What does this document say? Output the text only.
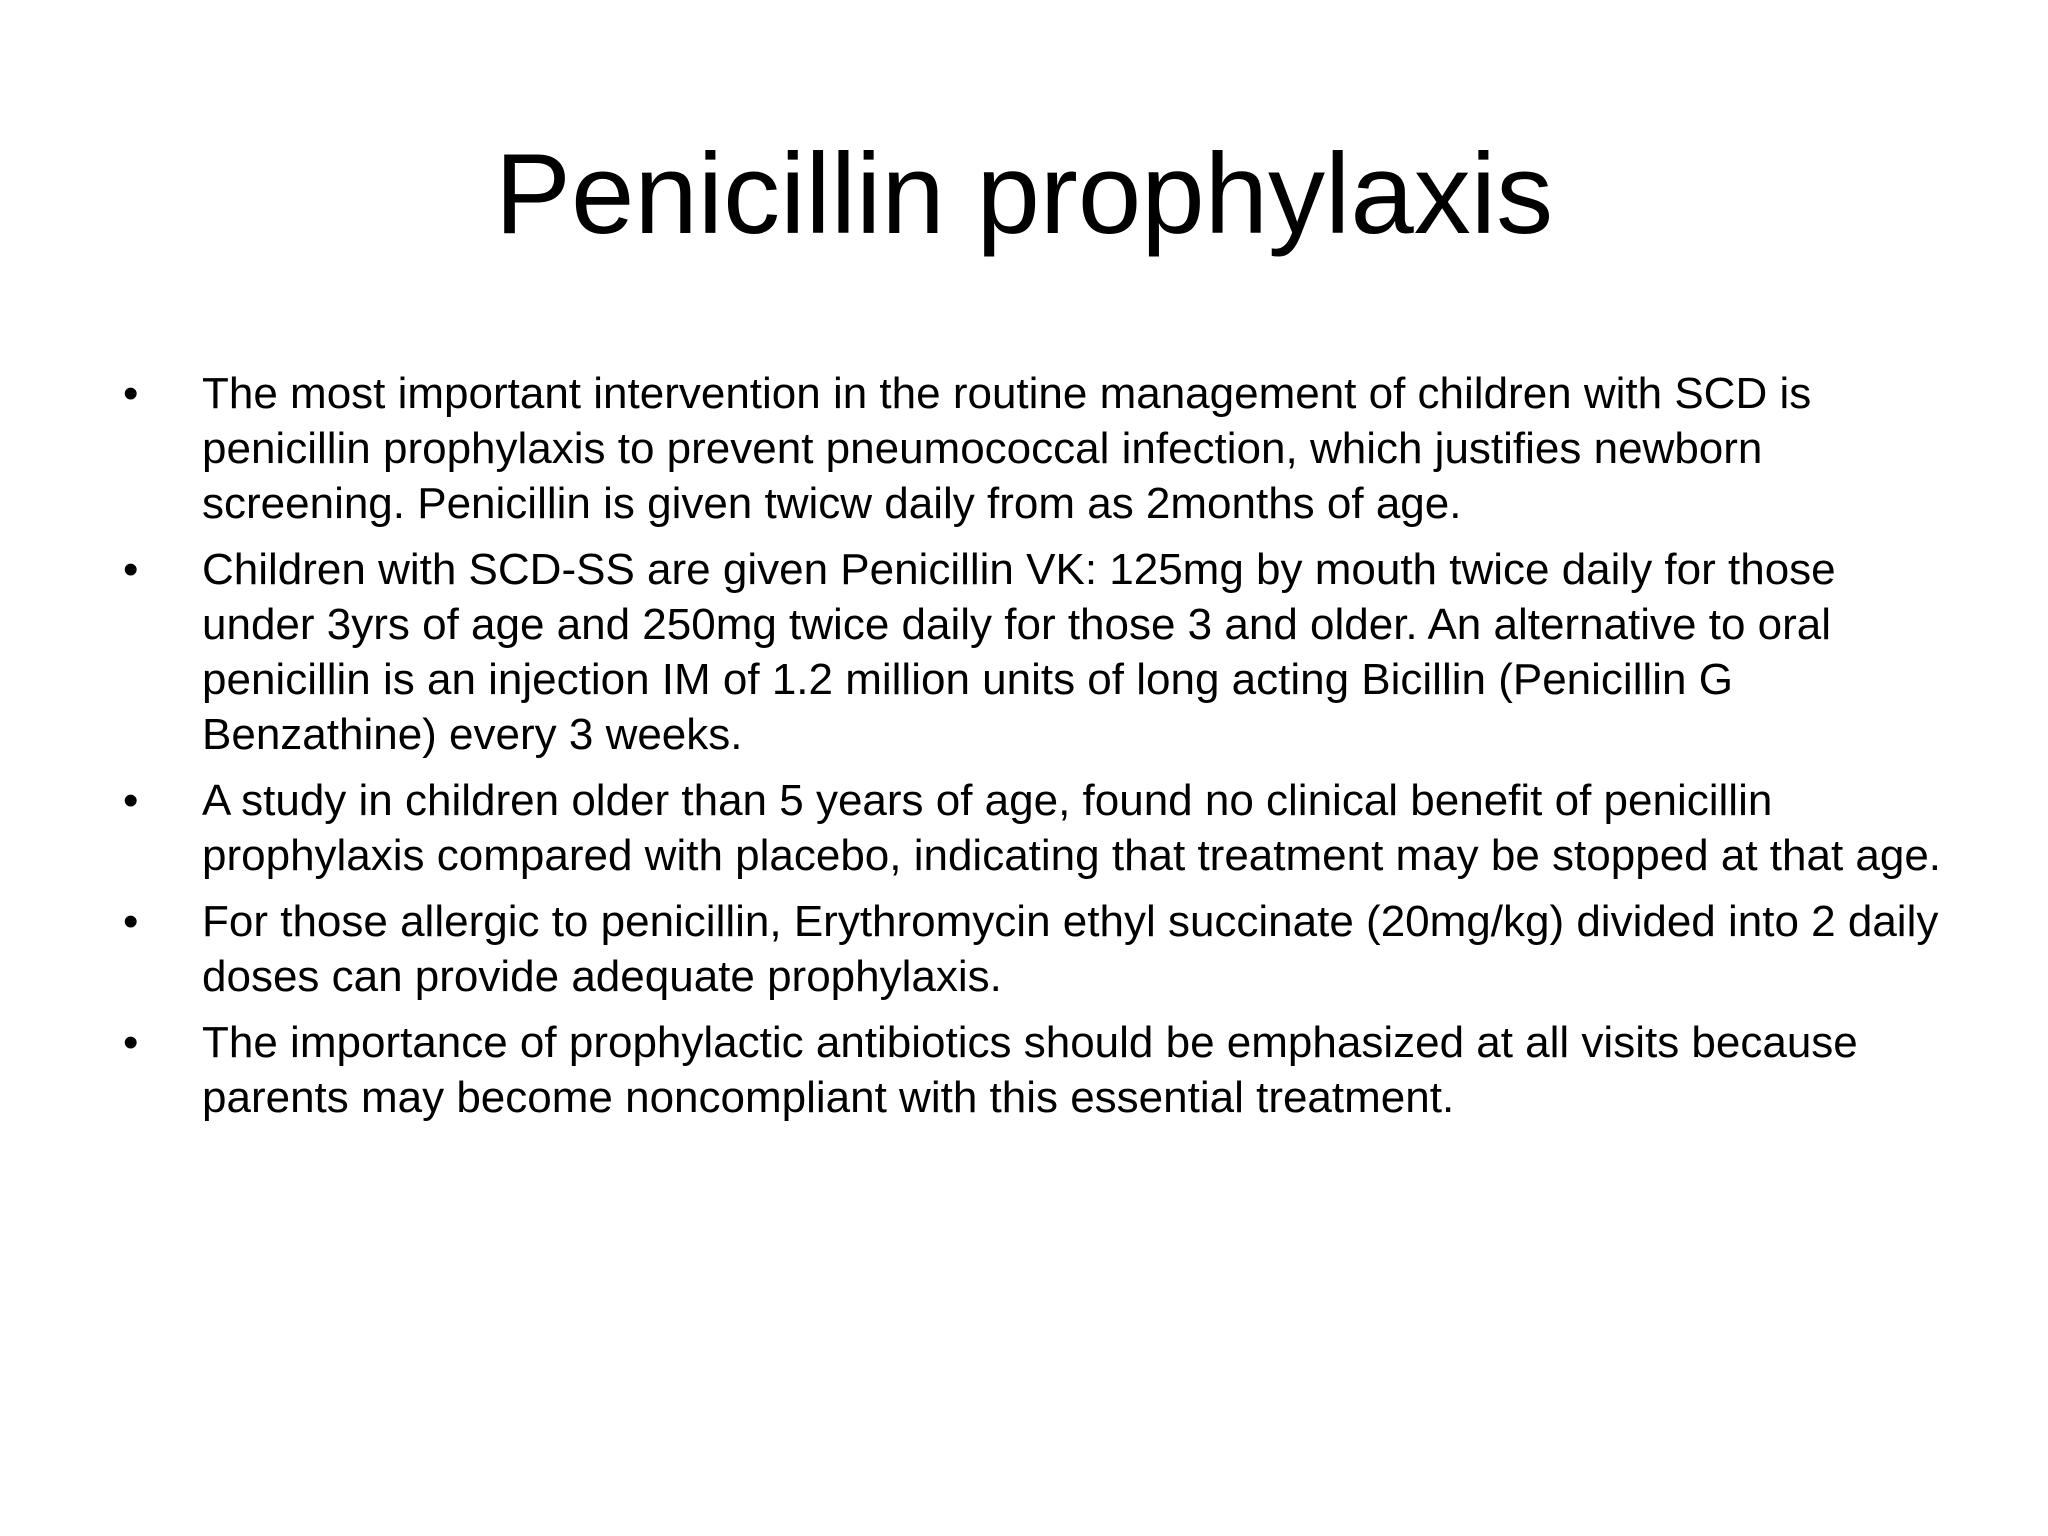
Penicillin prophylaxis
• The most important intervention in the routine management of children with SCD is penicillin prophylaxis to prevent pneumococcal infection, which justifies newborn screening. Penicillin is given twicw daily from as 2months of age.
• Children with SCD-SS are given Penicillin VK: 125mg by mouth twice daily for those under 3yrs of age and 250mg twice daily for those 3 and older. An alternative to oral penicillin is an injection IM of 1.2 million units of long acting Bicillin (Penicillin G Benzathine) every 3 weeks.
• A study in children older than 5 years of age, found no clinical benefit of penicillin prophylaxis compared with placebo, indicating that treatment may be stopped at that age.
• For those allergic to penicillin, Erythromycin ethyl succinate (20mg/kg) divided into 2 daily doses can provide adequate prophylaxis.
• The importance of prophylactic antibiotics should be emphasized at all visits because parents may become noncompliant with this essential treatment.
